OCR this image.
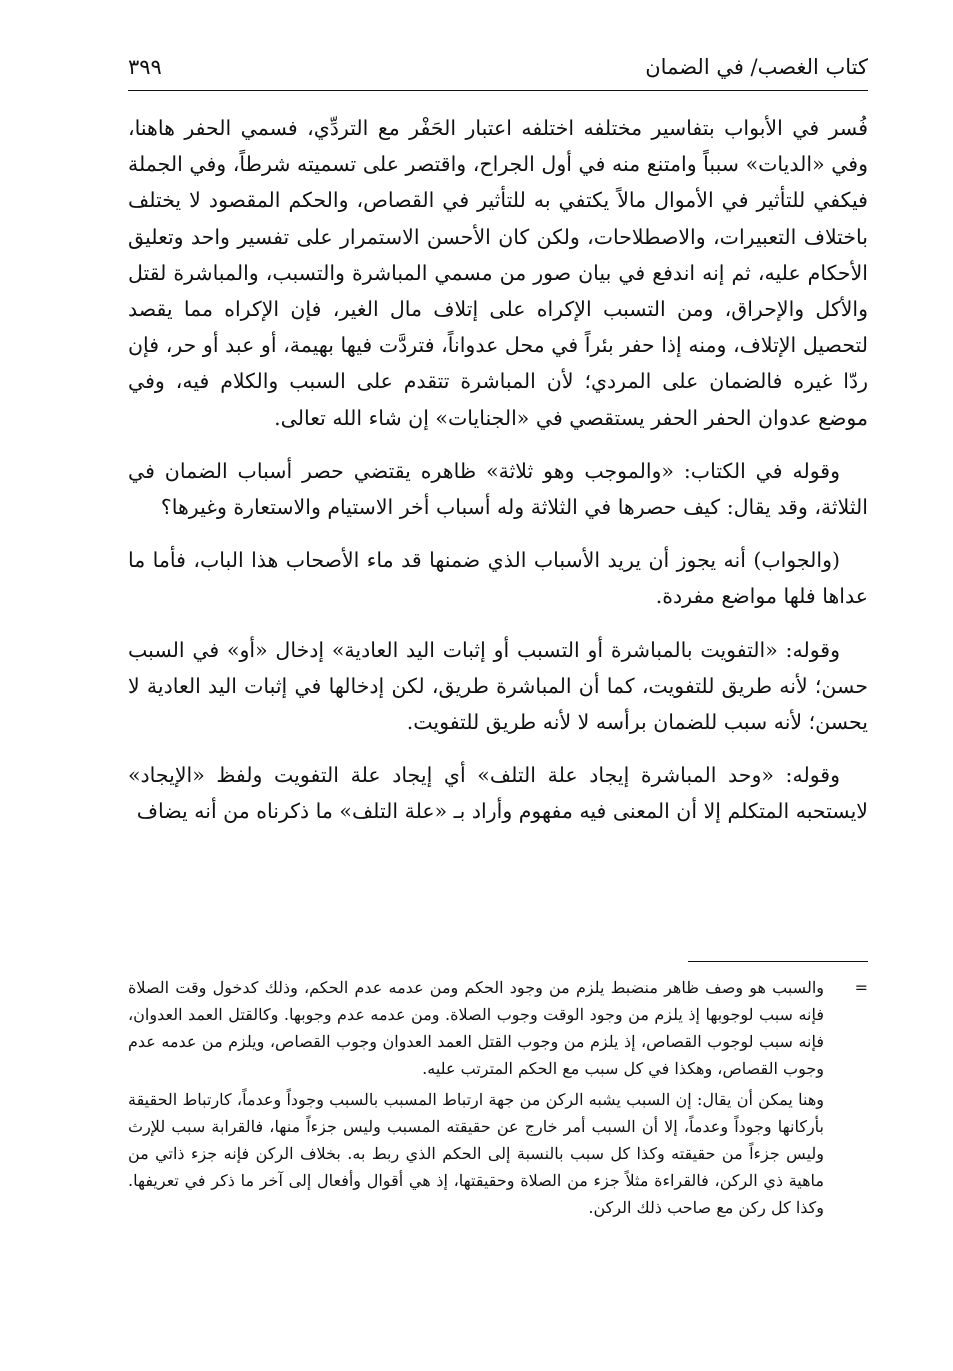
كتاب الغصب/ في الضمان
٣٩٩

فُسر في الأبواب بتفاسير مختلفه اختلفه اعتبار الحَفْر مع التردِّي، فسمي الحفر هاهنا، وفي «الديات» سبباً وامتنع منه في أول الجراح، واقتصر على تسميته شرطاً، وفي الجملة فيكفي للتأثير في الأموال مالاً يكتفي به للتأثير في القصاص، والحكم المقصود لا يختلف باختلاف التعبيرات، والاصطلاحات، ولكن كان الأحسن الاستمرار على تفسير واحد وتعليق الأحكام عليه، ثم إنه اندفع في بيان صور من مسمي المباشرة والتسبب، والمباشرة لقتل والأكل والإحراق، ومن التسبب الإكراه على إتلاف مال الغير، فإن الإكراه مما يقصد لتحصيل الإتلاف، ومنه إذا حفر بئراً في محل عدواناً، فتردَّت فيها بهيمة، أو عبد أو حر، فإن ردّا غيره فالضمان على المردي؛ لأن المباشرة تتقدم على السبب والكلام فيه، وفي موضع عدوان الحفر الحفر يستقصي في «الجنايات» إن شاء الله تعالى.

وقوله في الكتاب: «والموجب وهو ثلاثة» ظاهره يقتضي حصر أسباب الضمان في الثلاثة، وقد يقال: كيف حصرها في الثلاثة وله أسباب أخر الاستيام والاستعارة وغيرها؟

(والجواب) أنه يجوز أن يريد الأسباب الذي ضمنها قد ماء الأصحاب هذا الباب، فأما ما عداها فلها مواضع مفردة.

وقوله: «التفويت بالمباشرة أو التسبب أو إثبات اليد العادية» إدخال «أو» في السبب حسن؛ لأنه طريق للتفويت، كما أن المباشرة طريق، لكن إدخالها في إثبات اليد العادية لا يحسن؛ لأنه سبب للضمان برأسه لا لأنه طريق للتفويت.

وقوله: «وحد المباشرة إيجاد علة التلف» أي إيجاد علة التفويت ولفظ «الإيجاد» لايستحبه المتكلم إلا أن المعنى فيه مفهوم وأراد بـ «علة التلف» ما ذكرناه من أنه يضاف

=

والسبب هو وصف ظاهر منضبط يلزم من وجود الحكم ومن عدمه عدم الحكم، وذلك كدخول وقت الصلاة فإنه سبب لوجوبها إذ يلزم من وجود الوقت وجوب الصلاة. ومن عدمه عدم وجوبها. وكالقتل العمد العدوان، فإنه سبب لوجوب القصاص، إذ يلزم من وجوب القتل العمد العدوان وجوب القصاص، ويلزم من عدمه عدم وجوب القصاص، وهكذا في كل سبب مع الحكم المترتب عليه.

وهنا يمكن أن يقال: إن السبب يشبه الركن من جهة ارتباط المسبب بالسبب وجوداً وعدماً، كارتباط الحقيقة بأركانها وجوداً وعدماً، إلا أن السبب أمر خارج عن حقيقته المسبب وليس جزءاً منها، فالقرابة سبب للإرث وليس جزءاً من حقيقته وكذا كل سبب بالنسبة إلى الحكم الذي ربط به. بخلاف الركن فإنه جزء ذاتي من ماهية ذي الركن، فالقراءة مثلاً جزء من الصلاة وحقيقتها، إذ هي أقوال وأفعال إلى آخر ما ذكر في تعريفها. وكذا كل ركن مع صاحب ذلك الركن.
